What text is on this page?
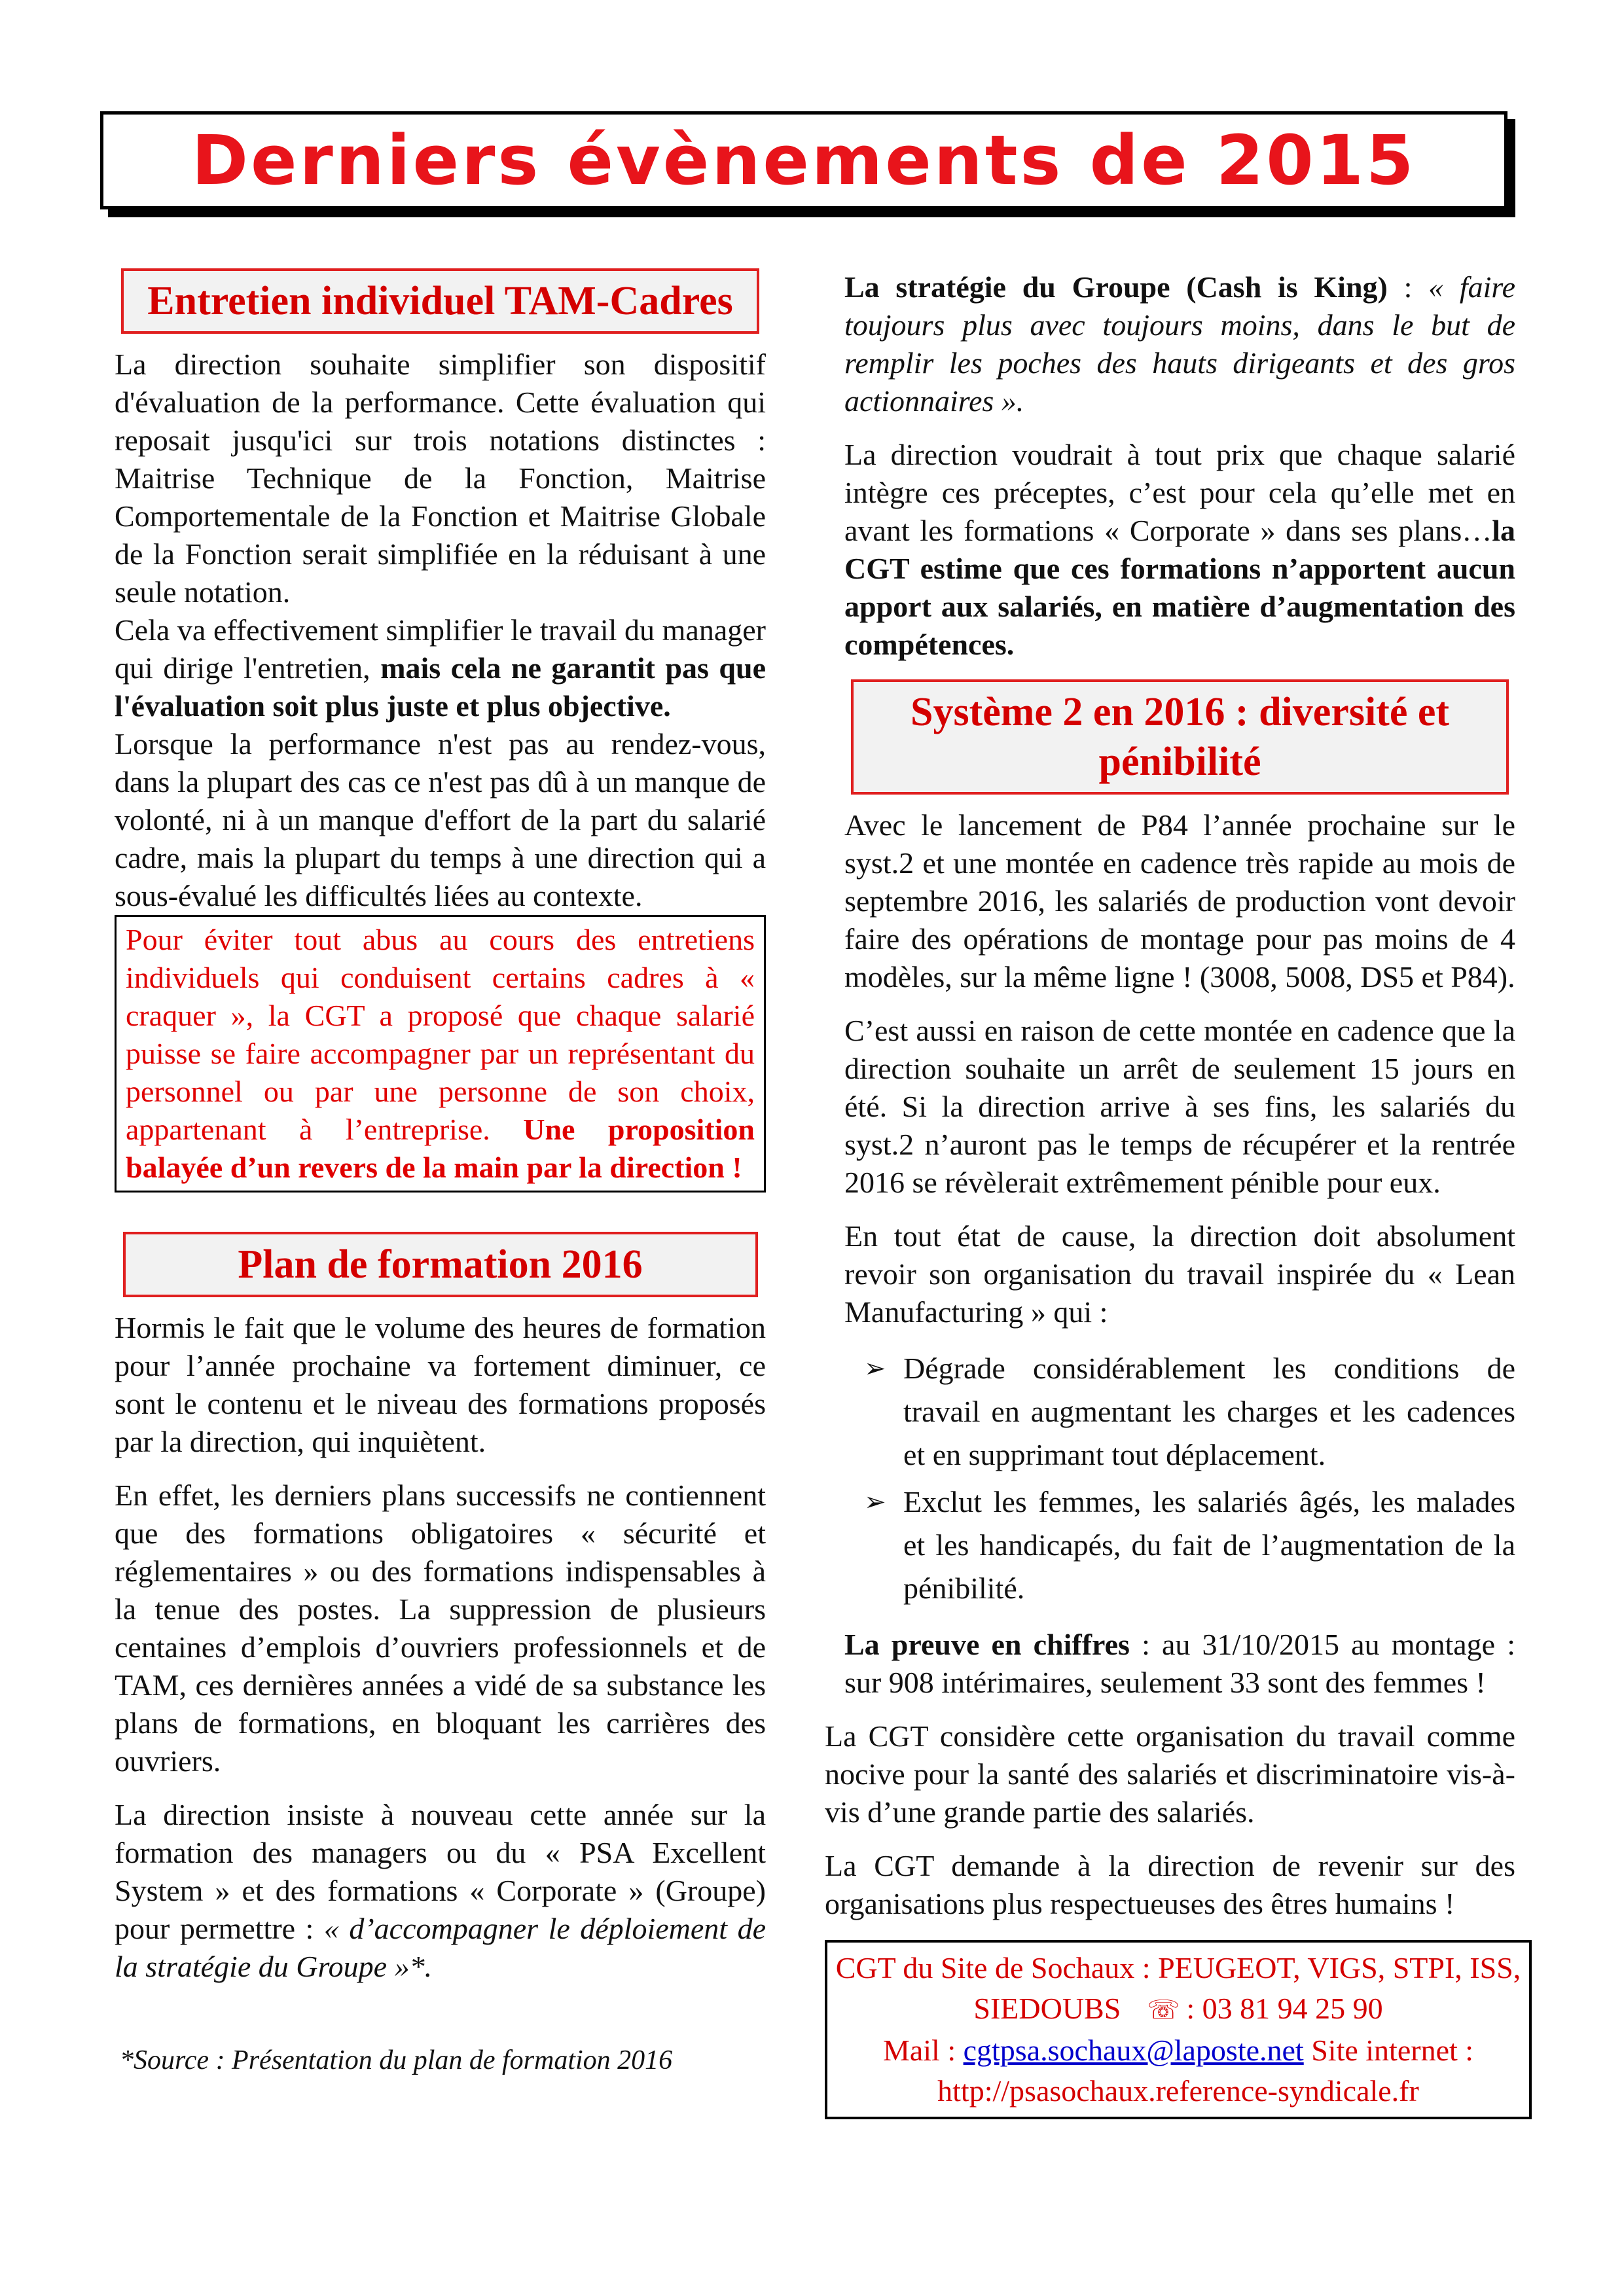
Derniers évènements de 2015
Entretien individuel TAM-Cadres

La direction souhaite simplifier son dispositif d'évaluation de la performance. Cette évaluation qui reposait jusqu'ici sur trois notations distinctes : Maitrise Technique de la Fonction, Maitrise Comportementale de la Fonction et Maitrise Globale de la Fonction serait simplifiée en la réduisant à une seule notation.

Cela va effectivement simplifier le travail du manager qui dirige l'entretien, mais cela ne garantit pas que l'évaluation soit plus juste et plus objective.

Lorsque la performance n'est pas au rendez-vous, dans la plupart des cas ce n'est pas dû à un manque de volonté, ni à un manque d'effort de la part du salarié cadre, mais la plupart du temps à une direction qui a sous-évalué les difficultés liées au contexte.

Pour éviter tout abus au cours des entretiens individuels qui conduisent certains cadres à « craquer », la CGT a proposé que chaque salarié puisse se faire accompagner par un représentant du personnel ou par une personne de son choix, appartenant à l’entreprise. Une proposition balayée d’un revers de la main par la direction !

Plan de formation 2016

Hormis le fait que le volume des heures de formation pour l’année prochaine va fortement diminuer, ce sont le contenu et le niveau des formations proposés par la direction, qui inquiètent.

En effet, les derniers plans successifs ne contiennent que des formations obligatoires « sécurité et réglementaires » ou des formations indispensables à la tenue des postes. La suppression de plusieurs centaines d’emplois d’ouvriers professionnels et de TAM, ces dernières années a vidé de sa substance les plans de formations, en bloquant les carrières des ouvriers.

La direction insiste à nouveau cette année sur la formation des managers ou du « PSA Excellent System » et des formations « Corporate » (Groupe) pour permettre : « d’accompagner le déploiement de la stratégie du Groupe »*.

*Source : Présentation du plan de formation 2016

La stratégie du Groupe (Cash is King) : « faire toujours plus avec toujours moins, dans le but de remplir les poches des hauts dirigeants et des gros actionnaires ».

La direction voudrait à tout prix que chaque salarié intègre ces préceptes, c’est pour cela qu’elle met en avant les formations « Corporate » dans ses plans…la CGT estime que ces formations n’apportent aucun apport aux salariés, en matière d’augmentation des compétences.

Système 2 en 2016 : diversité et pénibilité

Avec le lancement de P84 l’année prochaine sur le syst.2 et une montée en cadence très rapide au mois de septembre 2016, les salariés de production vont devoir faire des opérations de montage pour pas moins de 4 modèles, sur la même ligne ! (3008, 5008, DS5 et P84).

C’est aussi en raison de cette montée en cadence que la direction souhaite un arrêt de seulement 15 jours en été. Si la direction arrive à ses fins, les salariés du syst.2 n’auront pas le temps de récupérer et la rentrée 2016 se révèlerait extrêmement pénible pour eux.

En tout état de cause, la direction doit absolument revoir son organisation du travail inspirée du « Lean Manufacturing » qui :

➢ Dégrade considérablement les conditions de travail en augmentant les charges et les cadences et en supprimant tout déplacement.
➢ Exclut les femmes, les salariés âgés, les malades et les handicapés, du fait de l’augmentation de la pénibilité.

La preuve en chiffres : au 31/10/2015 au montage : sur 908 intérimaires, seulement 33 sont des femmes !

La CGT considère cette organisation du travail comme nocive pour la santé des salariés et discriminatoire vis-à-vis d’une grande partie des salariés.

La CGT demande à la direction de revenir sur des organisations plus respectueuses des êtres humains !

CGT du Site de Sochaux : PEUGEOT, VIGS, STPI, ISS, SIEDOUBS ☏ : 03 81 94 25 90
Mail : cgtpsa.sochaux@laposte.net Site internet :
http://psasochaux.reference-syndicale.fr
